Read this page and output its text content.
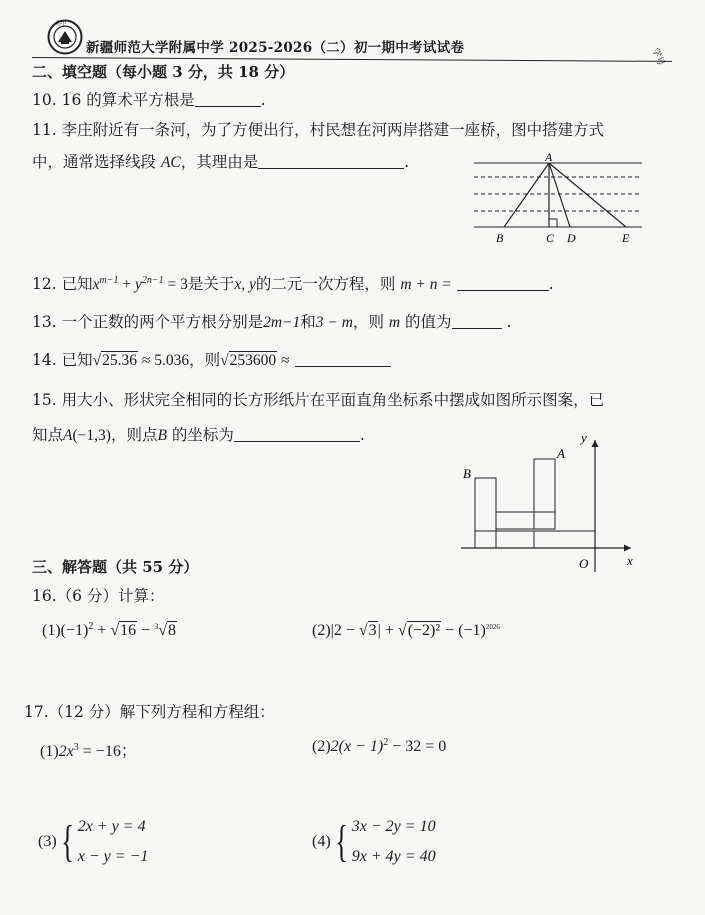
附中
新疆师范大学附属中学 2025-2026（二）初一期中考试试卷	学号
二、填空题（每小题 3 分，共 18 分）
10. 16 的算术平方根是	.
11. 李庄附近有一条河，为了方便出行，村民想在河两岸搭建一座桥，图中搭建方式
中，通常选择线段 AC，其理由是	.	A
B	C D	E
12. 已知$x^{m-1} + y^{2n-1} = 3$是关于x, y的二元一次方程，则 m + n =	.
13. 一个正数的两个平方根分别是2m−1和3 − m，则 m 的值为	.
14. 已知√25.36 ≈ 5.036，则√253600 ≈
15. 用大小、形状完全相同的长方形纸片在平面直角坐标系中摆成如图所示图案，已
知点A(−1,3)，则点B 的坐标为	.
B
A
O	x
y
三、解答题（共 55 分）
16.（6 分）计算：
$(1)(-1)^2 + √16 - ^3√8$	$(2)|2 - √3| + √(-2)^2 - (-1)^{2026}$
17.（12 分）解下列方程和方程组：
$(1)2x^3 = -16$；	$(2)2(x - 1)^2 - 32 = 0$
(3){ 2x + y = 4
x − y = −1
(4){ 3x − 2y = 10
9x + 4y = 40
